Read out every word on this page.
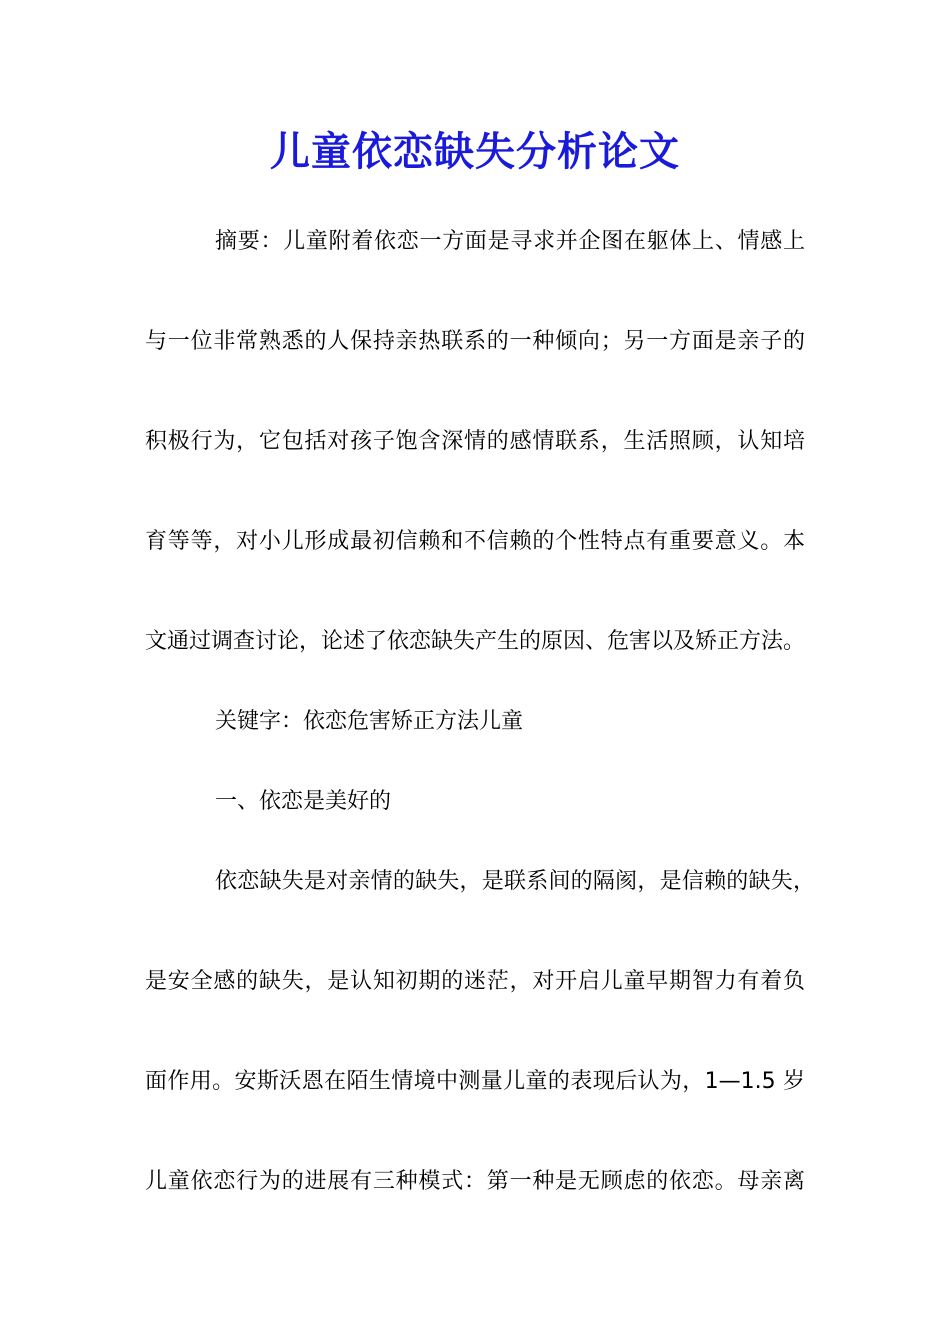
儿童依恋缺失分析论文
摘要：儿童附着依恋一方面是寻求并企图在躯体上、情感上
与一位非常熟悉的人保持亲热联系的一种倾向；另一方面是亲子的
积极行为，它包括对孩子饱含深情的感情联系，生活照顾，认知培
育等等，对小儿形成最初信赖和不信赖的个性特点有重要意义。本
文通过调查讨论，论述了依恋缺失产生的原因、危害以及矫正方法。
关键字：依恋危害矫正方法儿童
一、依恋是美好的
依恋缺失是对亲情的缺失，是联系间的隔阂，是信赖的缺失，
是安全感的缺失，是认知初期的迷茫，对开启儿童早期智力有着负
面作用。安斯沃恩在陌生情境中测量儿童的表现后认为，1—1.5 岁
儿童依恋行为的进展有三种模式：第一种是无顾虑的依恋。母亲离
